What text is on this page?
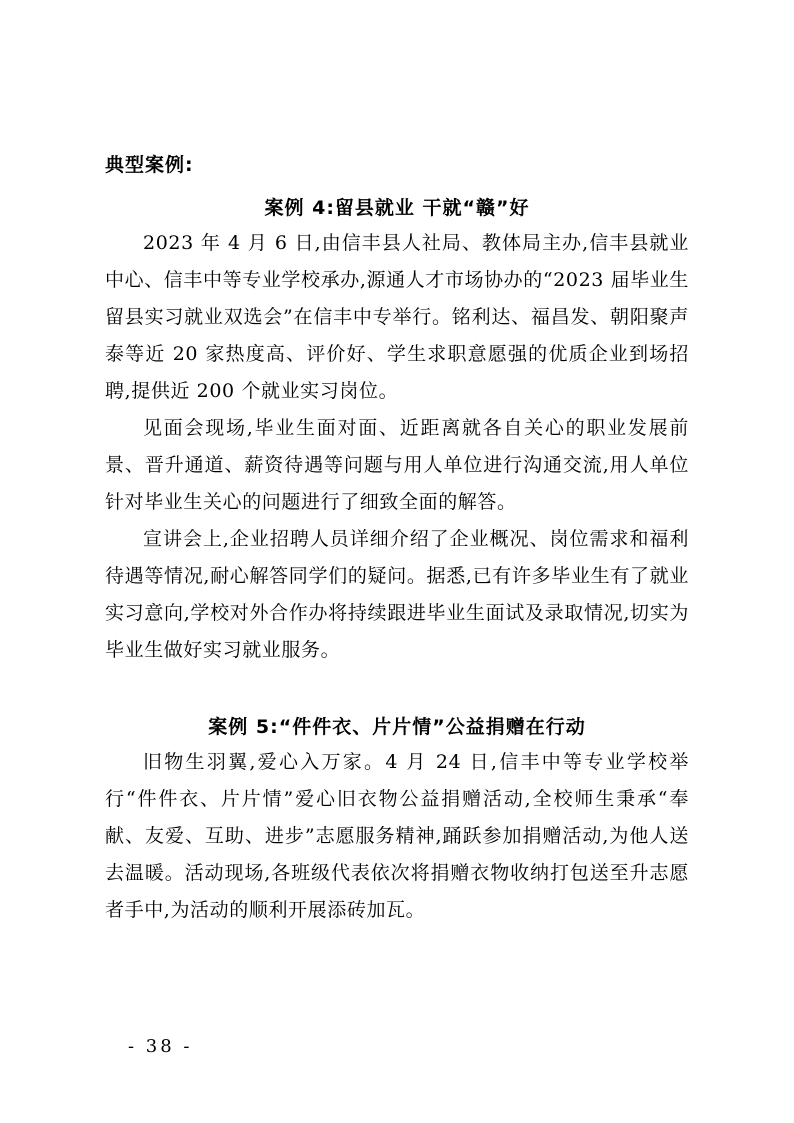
典型案例:
案例 4:留县就业 干就“赣”好

2023 年 4 月 6 日,由信丰县人社局、教体局主办,信丰县就业中心、信丰中等专业学校承办,源通人才市场协办的“2023 届毕业生留县实习就业双选会”在信丰中专举行。铭利达、福昌发、朝阳聚声泰等近 20 家热度高、评价好、学生求职意愿强的优质企业到场招聘,提供近 200 个就业实习岗位。

见面会现场,毕业生面对面、近距离就各自关心的职业发展前景、晋升通道、薪资待遇等问题与用人单位进行沟通交流,用人单位针对毕业生关心的问题进行了细致全面的解答。

宣讲会上,企业招聘人员详细介绍了企业概况、岗位需求和福利待遇等情况,耐心解答同学们的疑问。据悉,已有许多毕业生有了就业实习意向,学校对外合作办将持续跟进毕业生面试及录取情况,切实为毕业生做好实习就业服务。

案例 5:“件件衣、片片情”公益捐赠在行动

旧物生羽翼,爱心入万家。4 月 24 日,信丰中等专业学校举行“件件衣、片片情”爱心旧衣物公益捐赠活动,全校师生秉承“奉献、友爱、互助、进步”志愿服务精神,踊跃参加捐赠活动,为他人送去温暖。活动现场,各班级代表依次将捐赠衣物收纳打包送至升志愿者手中,为活动的顺利开展添砖加瓦。

- 38 -
